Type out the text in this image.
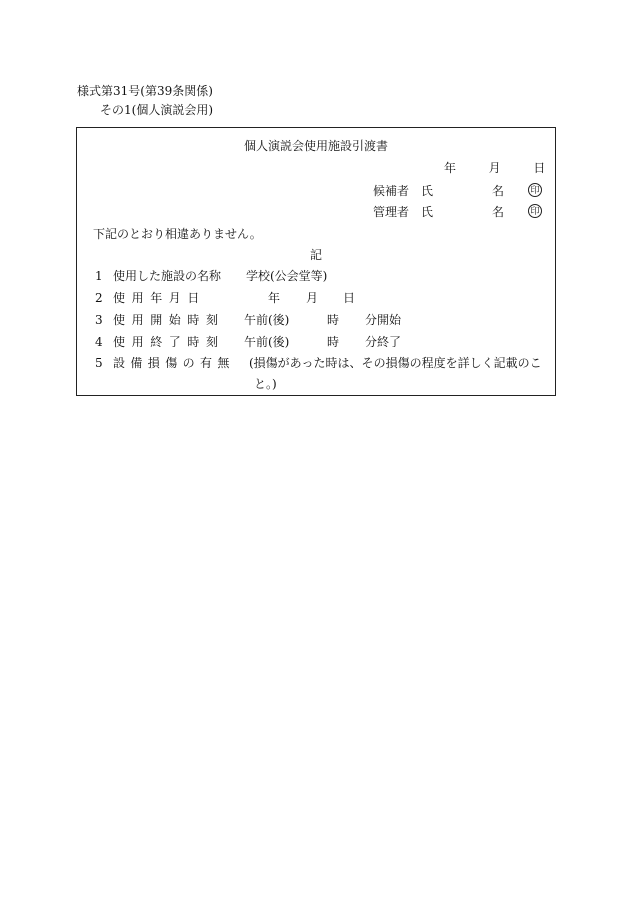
様式第31号(第39条関係)
その1(個人演説会用)
個人演説会使用施設引渡書
年	月	日
候補者 氏	名	印
管理者 氏	名	印
下記のとおり相違ありません。
記
1 使用した施設の名称 学校(公会堂等)
2 使用年月日	年 月 日
3 使用開始時刻 午前(後)	時 分開始
4 使用終了時刻 午前(後)	時 分終了
5 設備損傷の有無 (損傷があった時は、その損傷の程度を詳しく記載のこ
と。)
